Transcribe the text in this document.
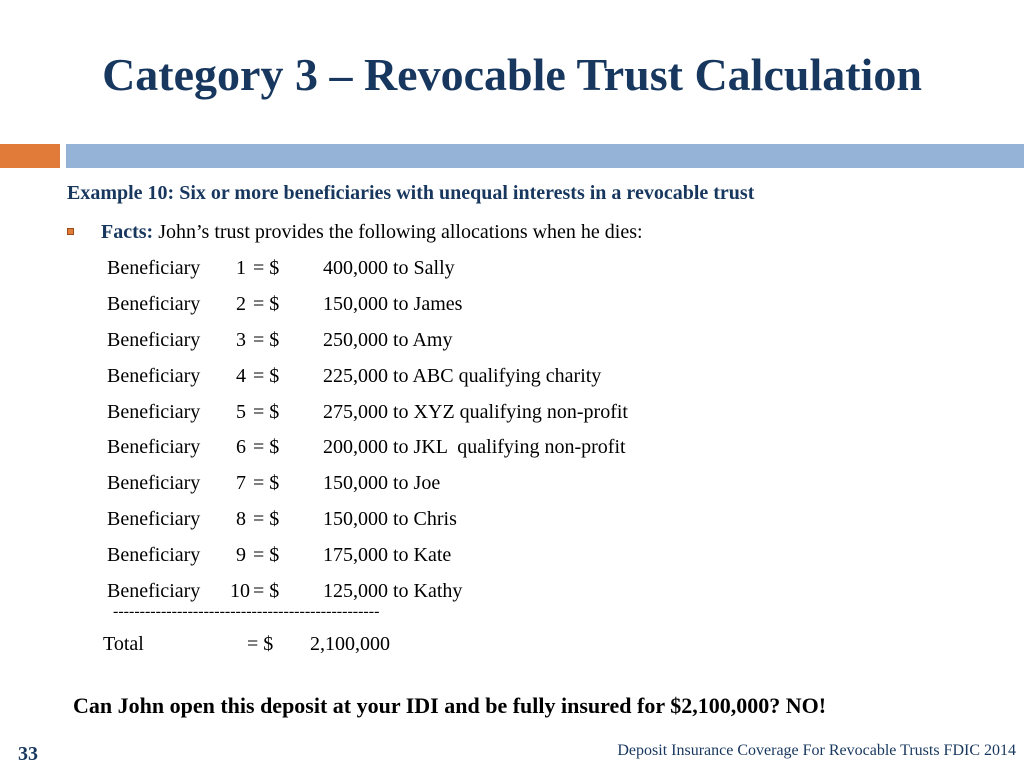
Category 3 – Revocable Trust Calculation
Example 10: Six or more beneficiaries with unequal interests in a revocable trust
Facts: John’s trust provides the following allocations when he dies:
Beneficiary	1 = $ 400,000 to Sally
Beneficiary	2 = $ 150,000 to James
Beneficiary	3 = $ 250,000 to Amy
Beneficiary	4 = $ 225,000 to ABC qualifying charity
Beneficiary	5 = $ 275,000 to XYZ qualifying non-profit
Beneficiary	6 = $ 200,000 to JKL  qualifying non-profit
Beneficiary	7 = $ 150,000 to Joe
Beneficiary	8 = $ 150,000 to Chris
Beneficiary	9 = $ 175,000 to Kate
Beneficiary 10 = $ 125,000 to Kathy
--------------------------------------------------
Total	= $ 2,100,000
Can John open this deposit at your IDI and be fully insured for $2,100,000? NO!
33	Deposit Insurance Coverage For Revocable Trusts FDIC 2014
